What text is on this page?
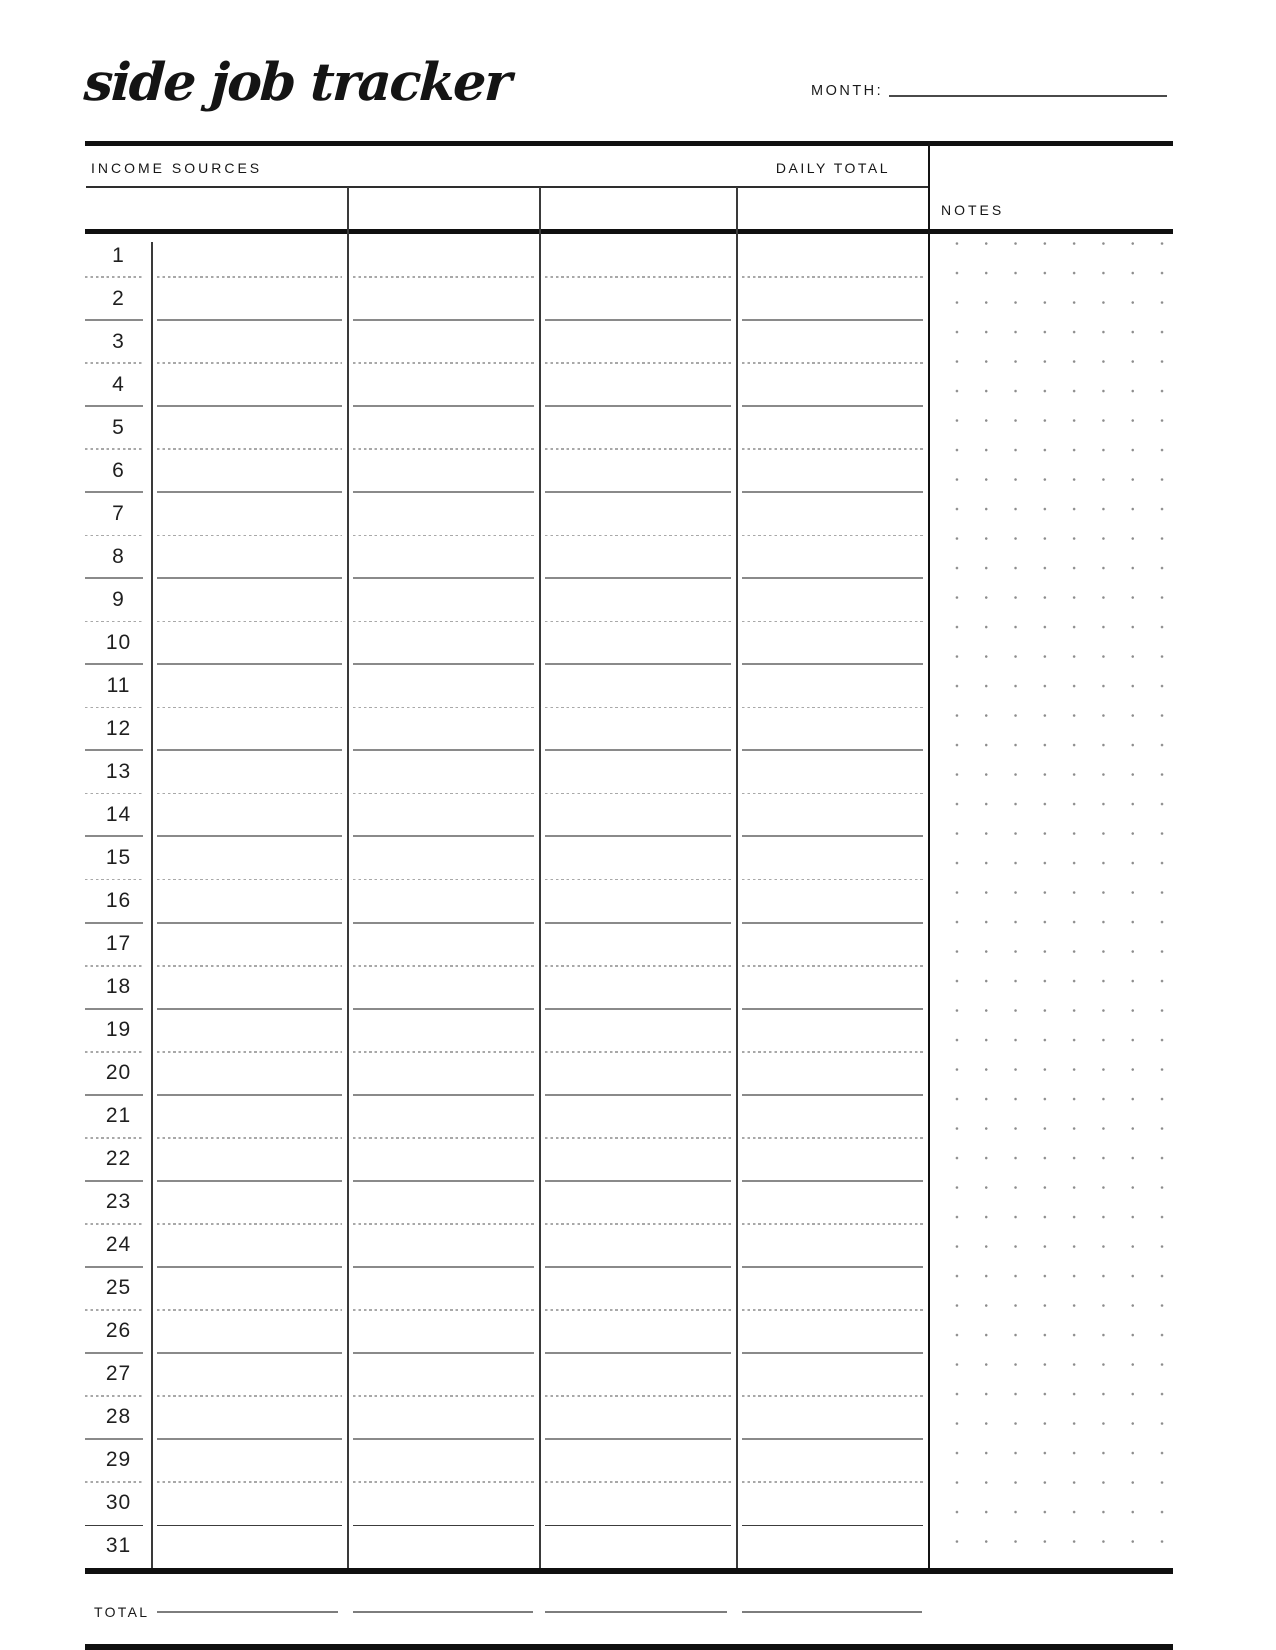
side job tracker	MONTH:
INCOME SOURCES	DAILY TOTAL
NOTES
1
2
3
4
5
6
7
8
9
10
11
12
13
14
15
16
17
18
19
20
21
22
23
24
25
26
27
28
29
30
31
TOTAL
